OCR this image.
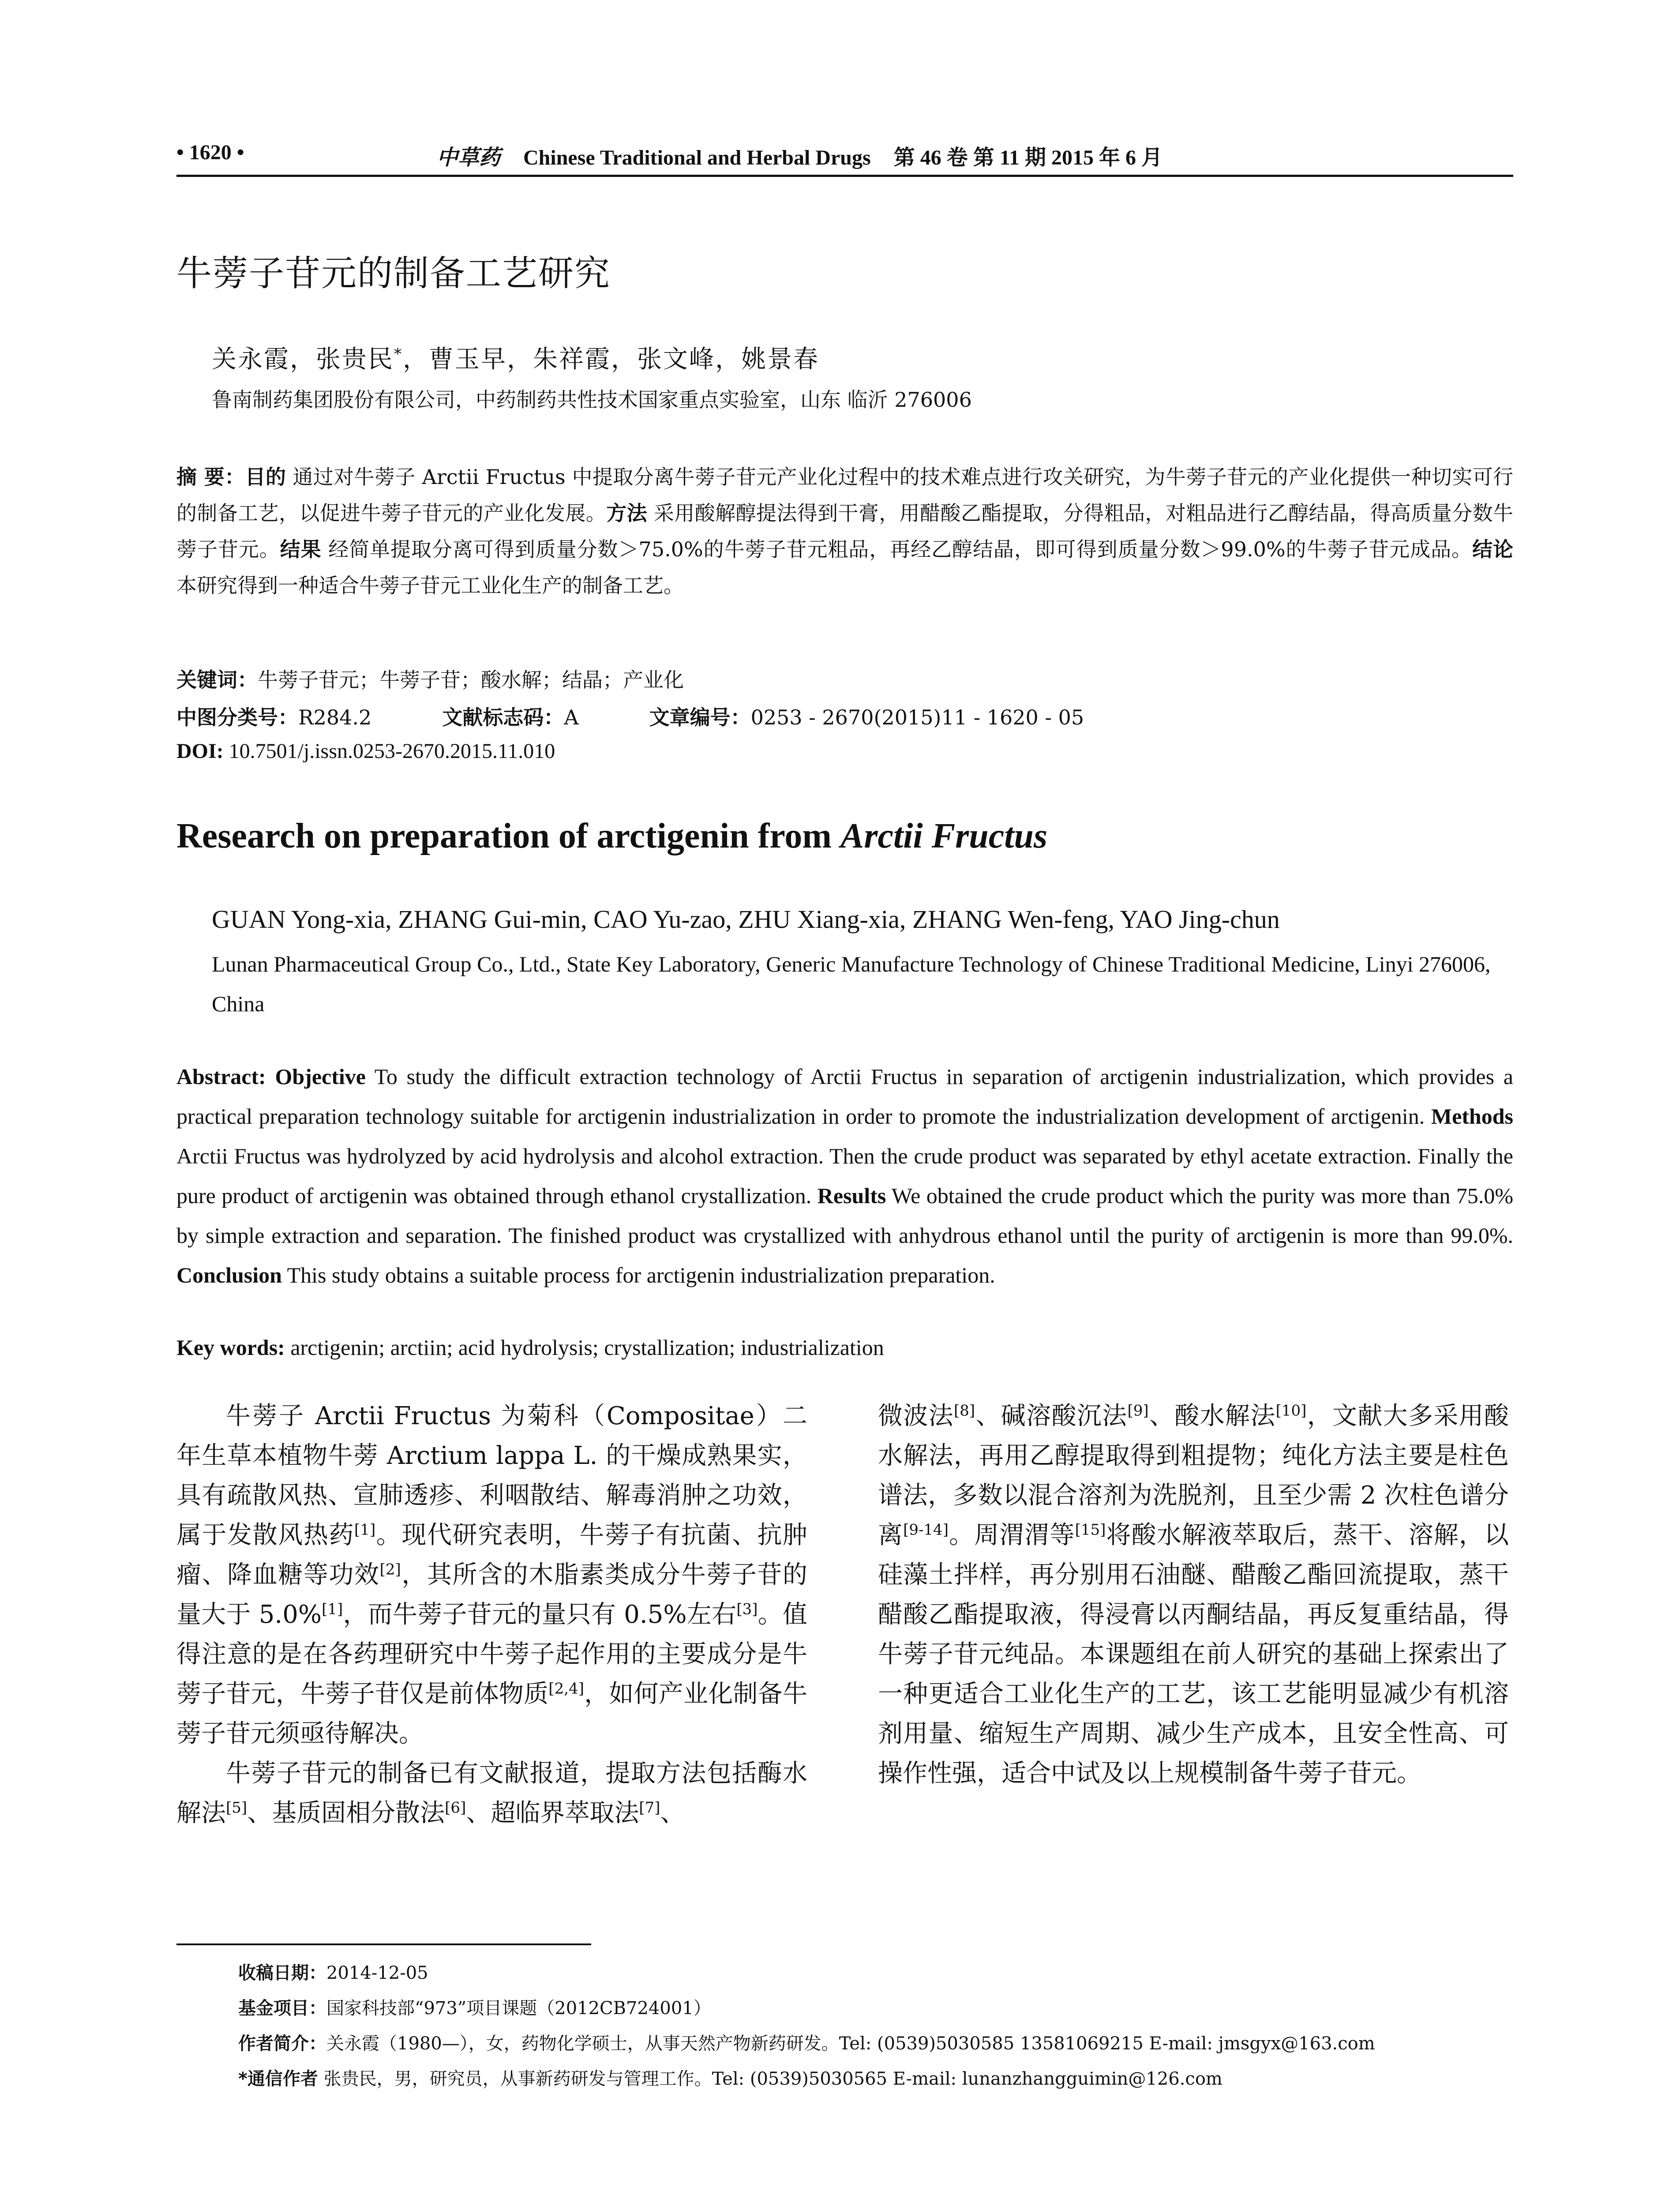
• 1620 •	中草药 Chinese Traditional and Herbal Drugs 第 46 卷 第 11 期 2015 年 6 月
牛蒡子苷元的制备工艺研究
关永霞，张贵民*，曹玉早，朱祥霞，张文峰，姚景春
鲁南制药集团股份有限公司，中药制药共性技术国家重点实验室，山东 临沂 276006
摘 要：目的 通过对牛蒡子 Arctii Fructus 中提取分离牛蒡子苷元产业化过程中的技术难点进行攻关研究，为牛蒡子苷元的产业化提供一种切实可行的制备工艺，以促进牛蒡子苷元的产业化发展。方法 采用酸解醇提法得到干膏，用醋酸乙酯提取，分得粗品，对粗品进行乙醇结晶，得高质量分数牛蒡子苷元。结果 经简单提取分离可得到质量分数＞75.0%的牛蒡子苷元粗品，再经乙醇结晶，即可得到质量分数＞99.0%的牛蒡子苷元成品。结论 本研究得到一种适合牛蒡子苷元工业化生产的制备工艺。
关键词：牛蒡子苷元；牛蒡子苷；酸水解；结晶；产业化
中图分类号：R284.2	文献标志码：A	文章编号：0253 - 2670(2015)11 - 1620 - 05
DOI: 10.7501/j.issn.0253-2670.2015.11.010
Research on preparation of arctigenin from Arctii Fructus
GUAN Yong-xia, ZHANG Gui-min, CAO Yu-zao, ZHU Xiang-xia, ZHANG Wen-feng, YAO Jing-chun
Lunan Pharmaceutical Group Co., Ltd., State Key Laboratory, Generic Manufacture Technology of Chinese Traditional Medicine, Linyi 276006, China
Abstract: Objective To study the difficult extraction technology of Arctii Fructus in separation of arctigenin industrialization, which provides a practical preparation technology suitable for arctigenin industrialization in order to promote the industrialization development of arctigenin. Methods Arctii Fructus was hydrolyzed by acid hydrolysis and alcohol extraction. Then the crude product was separated by ethyl acetate extraction. Finally the pure product of arctigenin was obtained through ethanol crystallization. Results We obtained the crude product which the purity was more than 75.0% by simple extraction and separation. The finished product was crystallized with anhydrous ethanol until the purity of arctigenin is more than 99.0%. Conclusion This study obtains a suitable process for arctigenin industrialization preparation.
Key words: arctigenin; arctiin; acid hydrolysis; crystallization; industrialization

牛蒡子 Arctii Fructus 为菊科（Compositae）二年生草本植物牛蒡 Arctium lappa L. 的干燥成熟果实，具有疏散风热、宣肺透疹、利咽散结、解毒消肿之功效，属于发散风热药[1]。现代研究表明，牛蒡子有抗菌、抗肿瘤、降血糖等功效[2]，其所含的木脂素类成分牛蒡子苷的量大于 5.0%[1]，而牛蒡子苷元的量只有 0.5%左右[3]。值得注意的是在各药理研究中牛蒡子起作用的主要成分是牛蒡子苷元，牛蒡子苷仅是前体物质[2,4]，如何产业化制备牛蒡子苷元须亟待解决。

牛蒡子苷元的制备已有文献报道，提取方法包括酶水解法[5]、基质固相分散法[6]、超临界萃取法[7]、

微波法[8]、碱溶酸沉法[9]、酸水解法[10]，文献大多采用酸水解法，再用乙醇提取得到粗提物；纯化方法主要是柱色谱法，多数以混合溶剂为洗脱剂，且至少需 2 次柱色谱分离[9-14]。周渭渭等[15]将酸水解液萃取后，蒸干、溶解，以硅藻土拌样，再分别用石油醚、醋酸乙酯回流提取，蒸干醋酸乙酯提取液，得浸膏以丙酮结晶，再反复重结晶，得牛蒡子苷元纯品。本课题组在前人研究的基础上探索出了一种更适合工业化生产的工艺，该工艺能明显减少有机溶剂用量、缩短生产周期、减少生产成本，且安全性高、可操作性强，适合中试及以上规模制备牛蒡子苷元。

收稿日期：2014-12-05
基金项目：国家科技部“973”项目课题（2012CB724001）
作者简介：关永霞（1980—），女，药物化学硕士，从事天然产物新药研发。Tel: (0539)5030585 13581069215 E-mail: jmsgyx@163.com
*通信作者 张贵民，男，研究员，从事新药研发与管理工作。Tel: (0539)5030565 E-mail: lunanzhangguimin@126.com
